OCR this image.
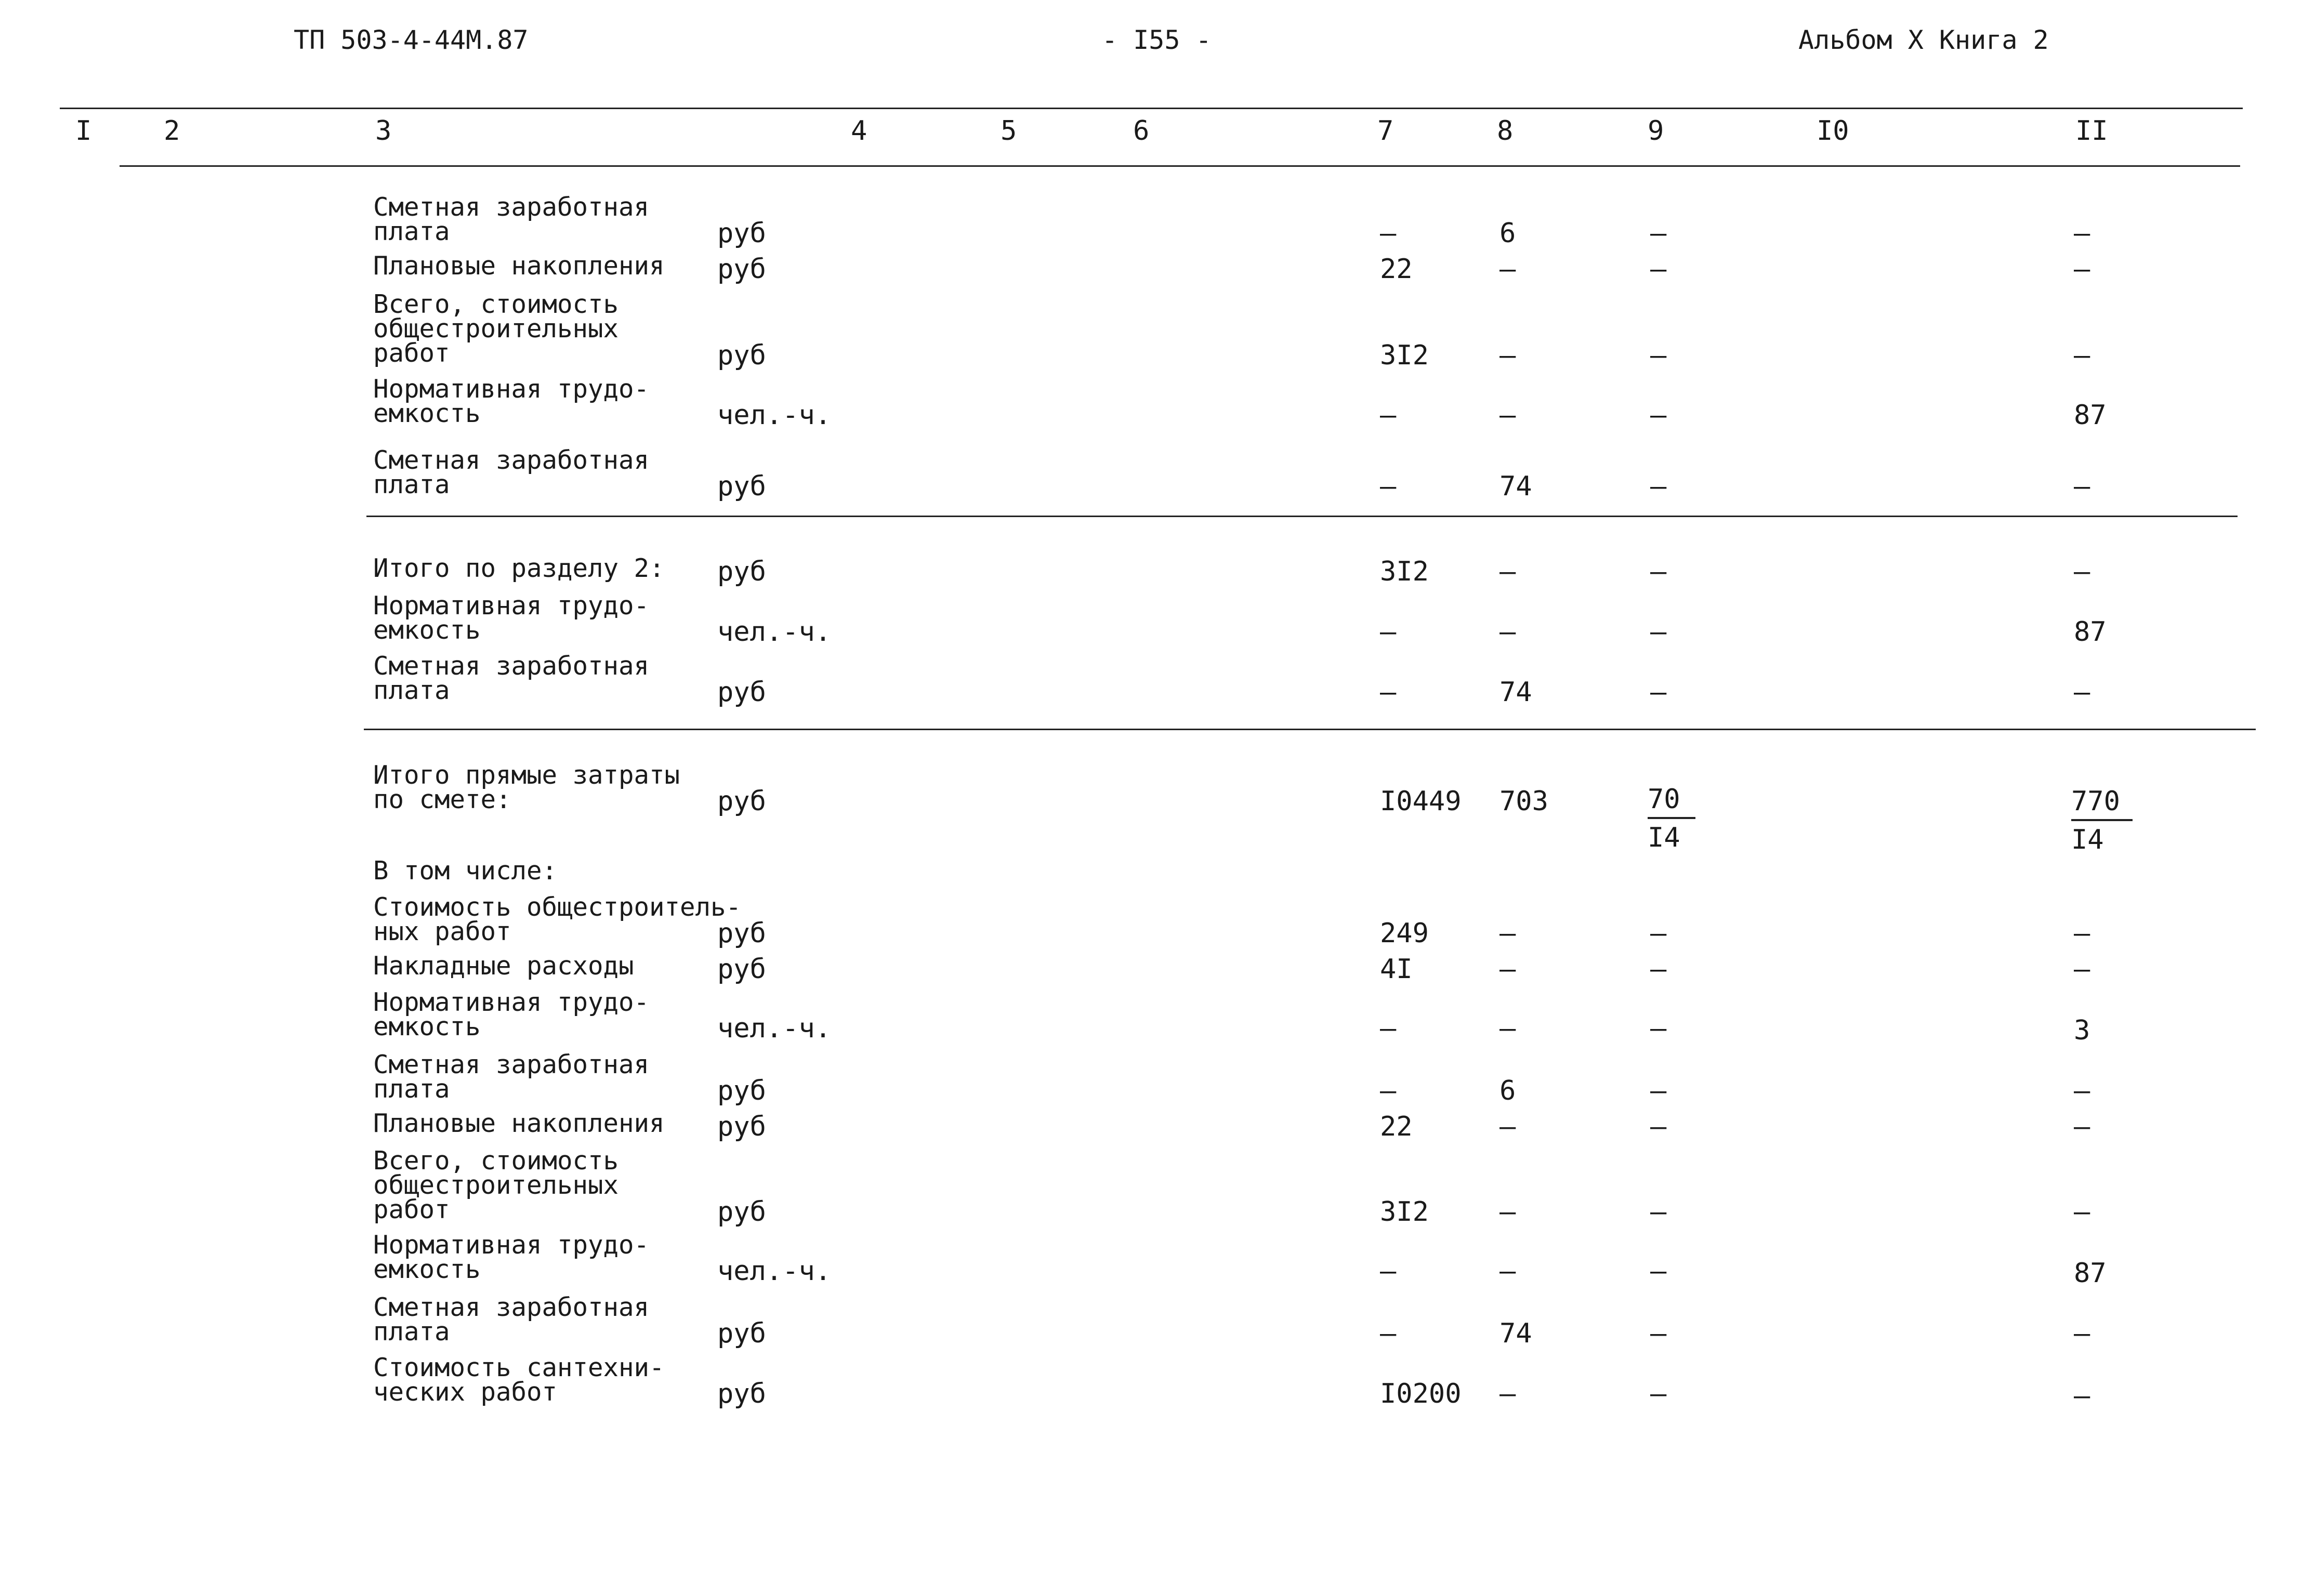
ТП 503-4-44М.87	- I55 -	Альбом X Книга 2
I	2	3	4	5	6	7	8	9	I0	II
Сметная заработная
плата	руб	–	6	–	–
Плановые накопления руб	22	–	–	–
Всего, стоимость
общестроительных
работ	руб	3I2	–	–	–
Нормативная трудо-
емкость	чел.-ч.	–	–	–	87
Сметная заработная
плата	руб	–	74	–	–
Итого по разделу 2: руб	3I2	–	–	–
Нормативная трудо-
емкость	чел.-ч.	–	–	–	87
Сметная заработная
плата	руб	–	74	–	–
Итого прямые затраты
по смете:	руб	I0449 703	$\frac{70}{I4}$	$\frac{770}{I4}$
В том числе:
Стоимость общестроитель-
ных работ	руб	249	–	–	–
Накладные расходы	руб	4I	–	–	–
Нормативная трудо-
емкость	чел.-ч.	–	–	–	3
Сметная заработная
плата	руб	–	6	–	–
Плановые накопления руб	22	–	–	–
Всего, стоимость
общестроительных
работ	руб	3I2	–	–	–
Нормативная трудо-
емкость	чел.-ч.	–	–	–	87
Сметная заработная
плата	руб	–	74	–	–
Стоимость сантехни-
ческих работ	руб	I0200 –	–	–
